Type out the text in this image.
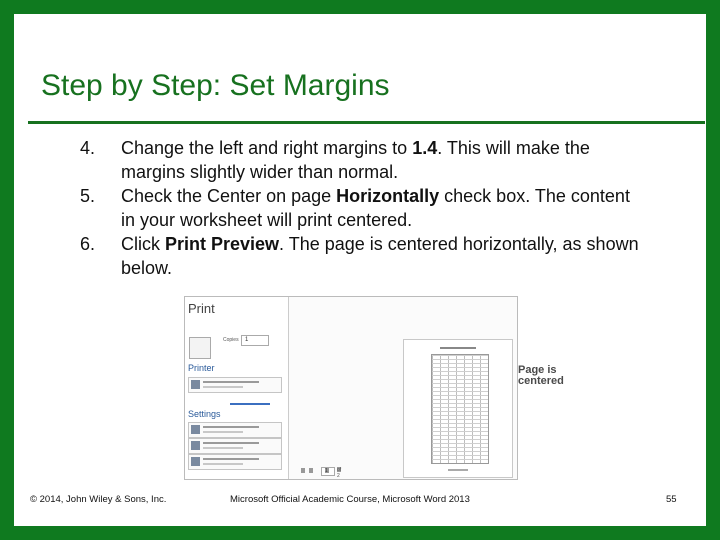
Step by Step: Set Margins
4. Change the left and right margins to 1.4. This will make the margins slightly wider than normal.
5. Check the Center on page Horizontally check box. The content in your worksheet will print centered.
6. Click Print Preview. The page is centered horizontally, as shown below.
Print
Copies 1
Printer
Settings
1 of 2
Page is
centered
© 2014, John Wiley & Sons, Inc.	Microsoft Official Academic Course, Microsoft Word 2013	55
